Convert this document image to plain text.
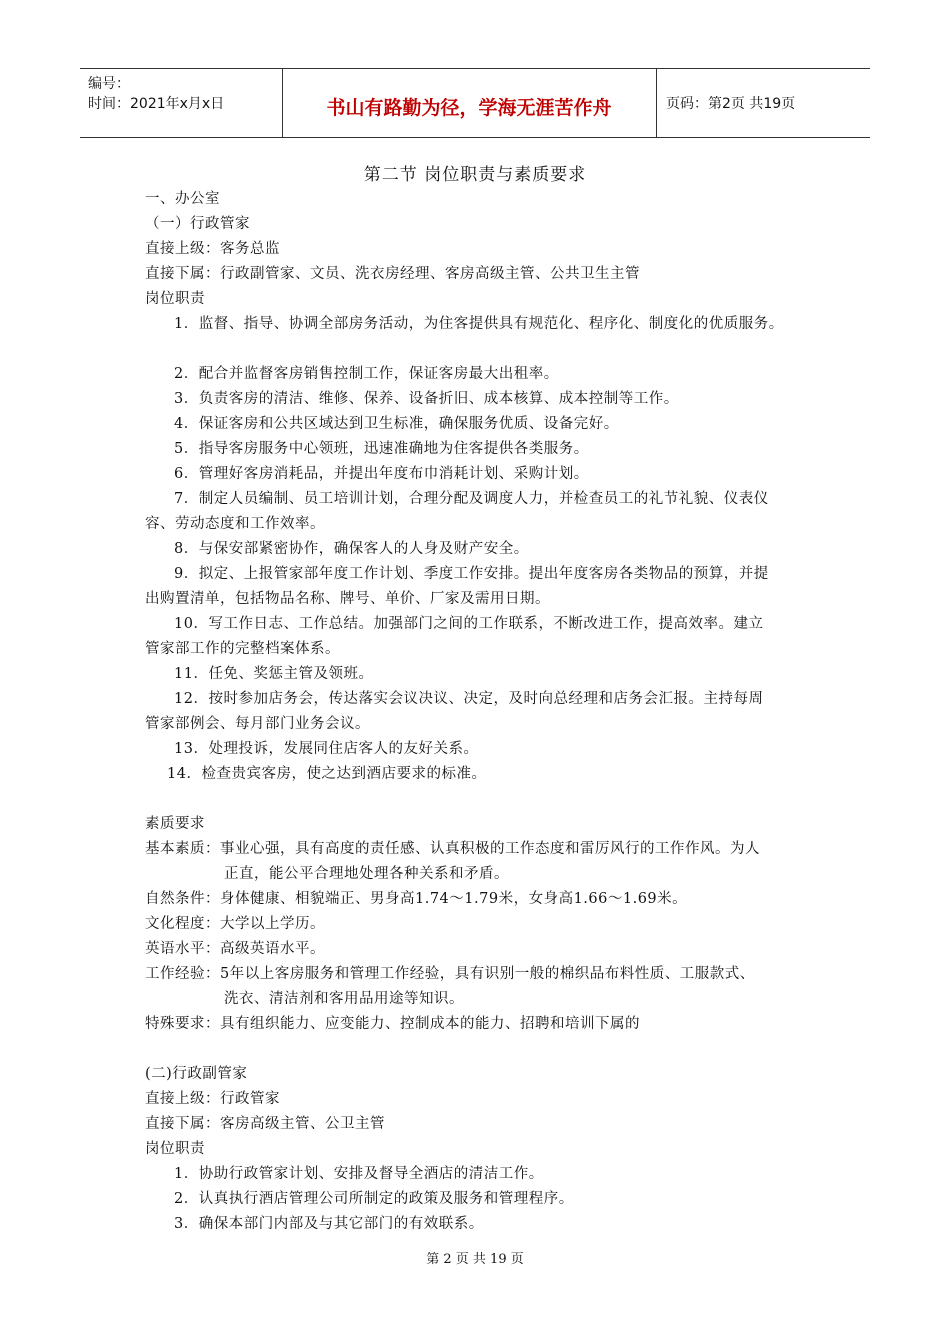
编号：
时间：2021年x月x日	书山有路勤为径，学海无涯苦作舟	页码：第2页 共19页
第二节 岗位职责与素质要求
一、办公室
（一）行政管家
直接上级：客务总监
直接下属：行政副管家、文员、洗衣房经理、客房高级主管、公共卫生主管
岗位职责
1．监督、指导、协调全部房务活动，为住客提供具有规范化、程序化、制度化的优质服务。
2．配合并监督客房销售控制工作，保证客房最大出租率。
3．负责客房的清洁、维修、保养、设备折旧、成本核算、成本控制等工作。
4．保证客房和公共区域达到卫生标准，确保服务优质、设备完好。
5．指导客房服务中心领班，迅速准确地为住客提供各类服务。
6．管理好客房消耗品，并提出年度布巾消耗计划、采购计划。
7．制定人员编制、员工培训计划，合理分配及调度人力，并检查员工的礼节礼貌、仪表仪
容、劳动态度和工作效率。
8．与保安部紧密协作，确保客人的人身及财产安全。
9．拟定、上报管家部年度工作计划、季度工作安排。提出年度客房各类物品的预算，并提
出购置清单，包括物品名称、牌号、单价、厂家及需用日期。
10．写工作日志、工作总结。加强部门之间的工作联系，不断改进工作，提高效率。建立
管家部工作的完整档案体系。
11．任免、奖惩主管及领班。
12．按时参加店务会，传达落实会议决议、决定，及时向总经理和店务会汇报。主持每周
管家部例会、每月部门业务会议。
13．处理投诉，发展同住店客人的友好关系。
14．检查贵宾客房，使之达到酒店要求的标准。
素质要求
基本素质：事业心强，具有高度的责任感、认真积极的工作态度和雷厉风行的工作作风。为人
正直，能公平合理地处理各种关系和矛盾。
自然条件：身体健康、相貌端正、男身高1.74～1.79米，女身高1.66～1.69米。
文化程度：大学以上学历。
英语水平：高级英语水平。
工作经验：5年以上客房服务和管理工作经验，具有识别一般的棉织品布料性质、工服款式、
洗衣、清洁剂和客用品用途等知识。
特殊要求：具有组织能力、应变能力、控制成本的能力、招聘和培训下属的
(二)行政副管家
直接上级：行政管家
直接下属：客房高级主管、公卫主管
岗位职责
1．协助行政管家计划、安排及督导全酒店的清洁工作。
2．认真执行酒店管理公司所制定的政策及服务和管理程序。
3．确保本部门内部及与其它部门的有效联系。
第 2 页 共 19 页
